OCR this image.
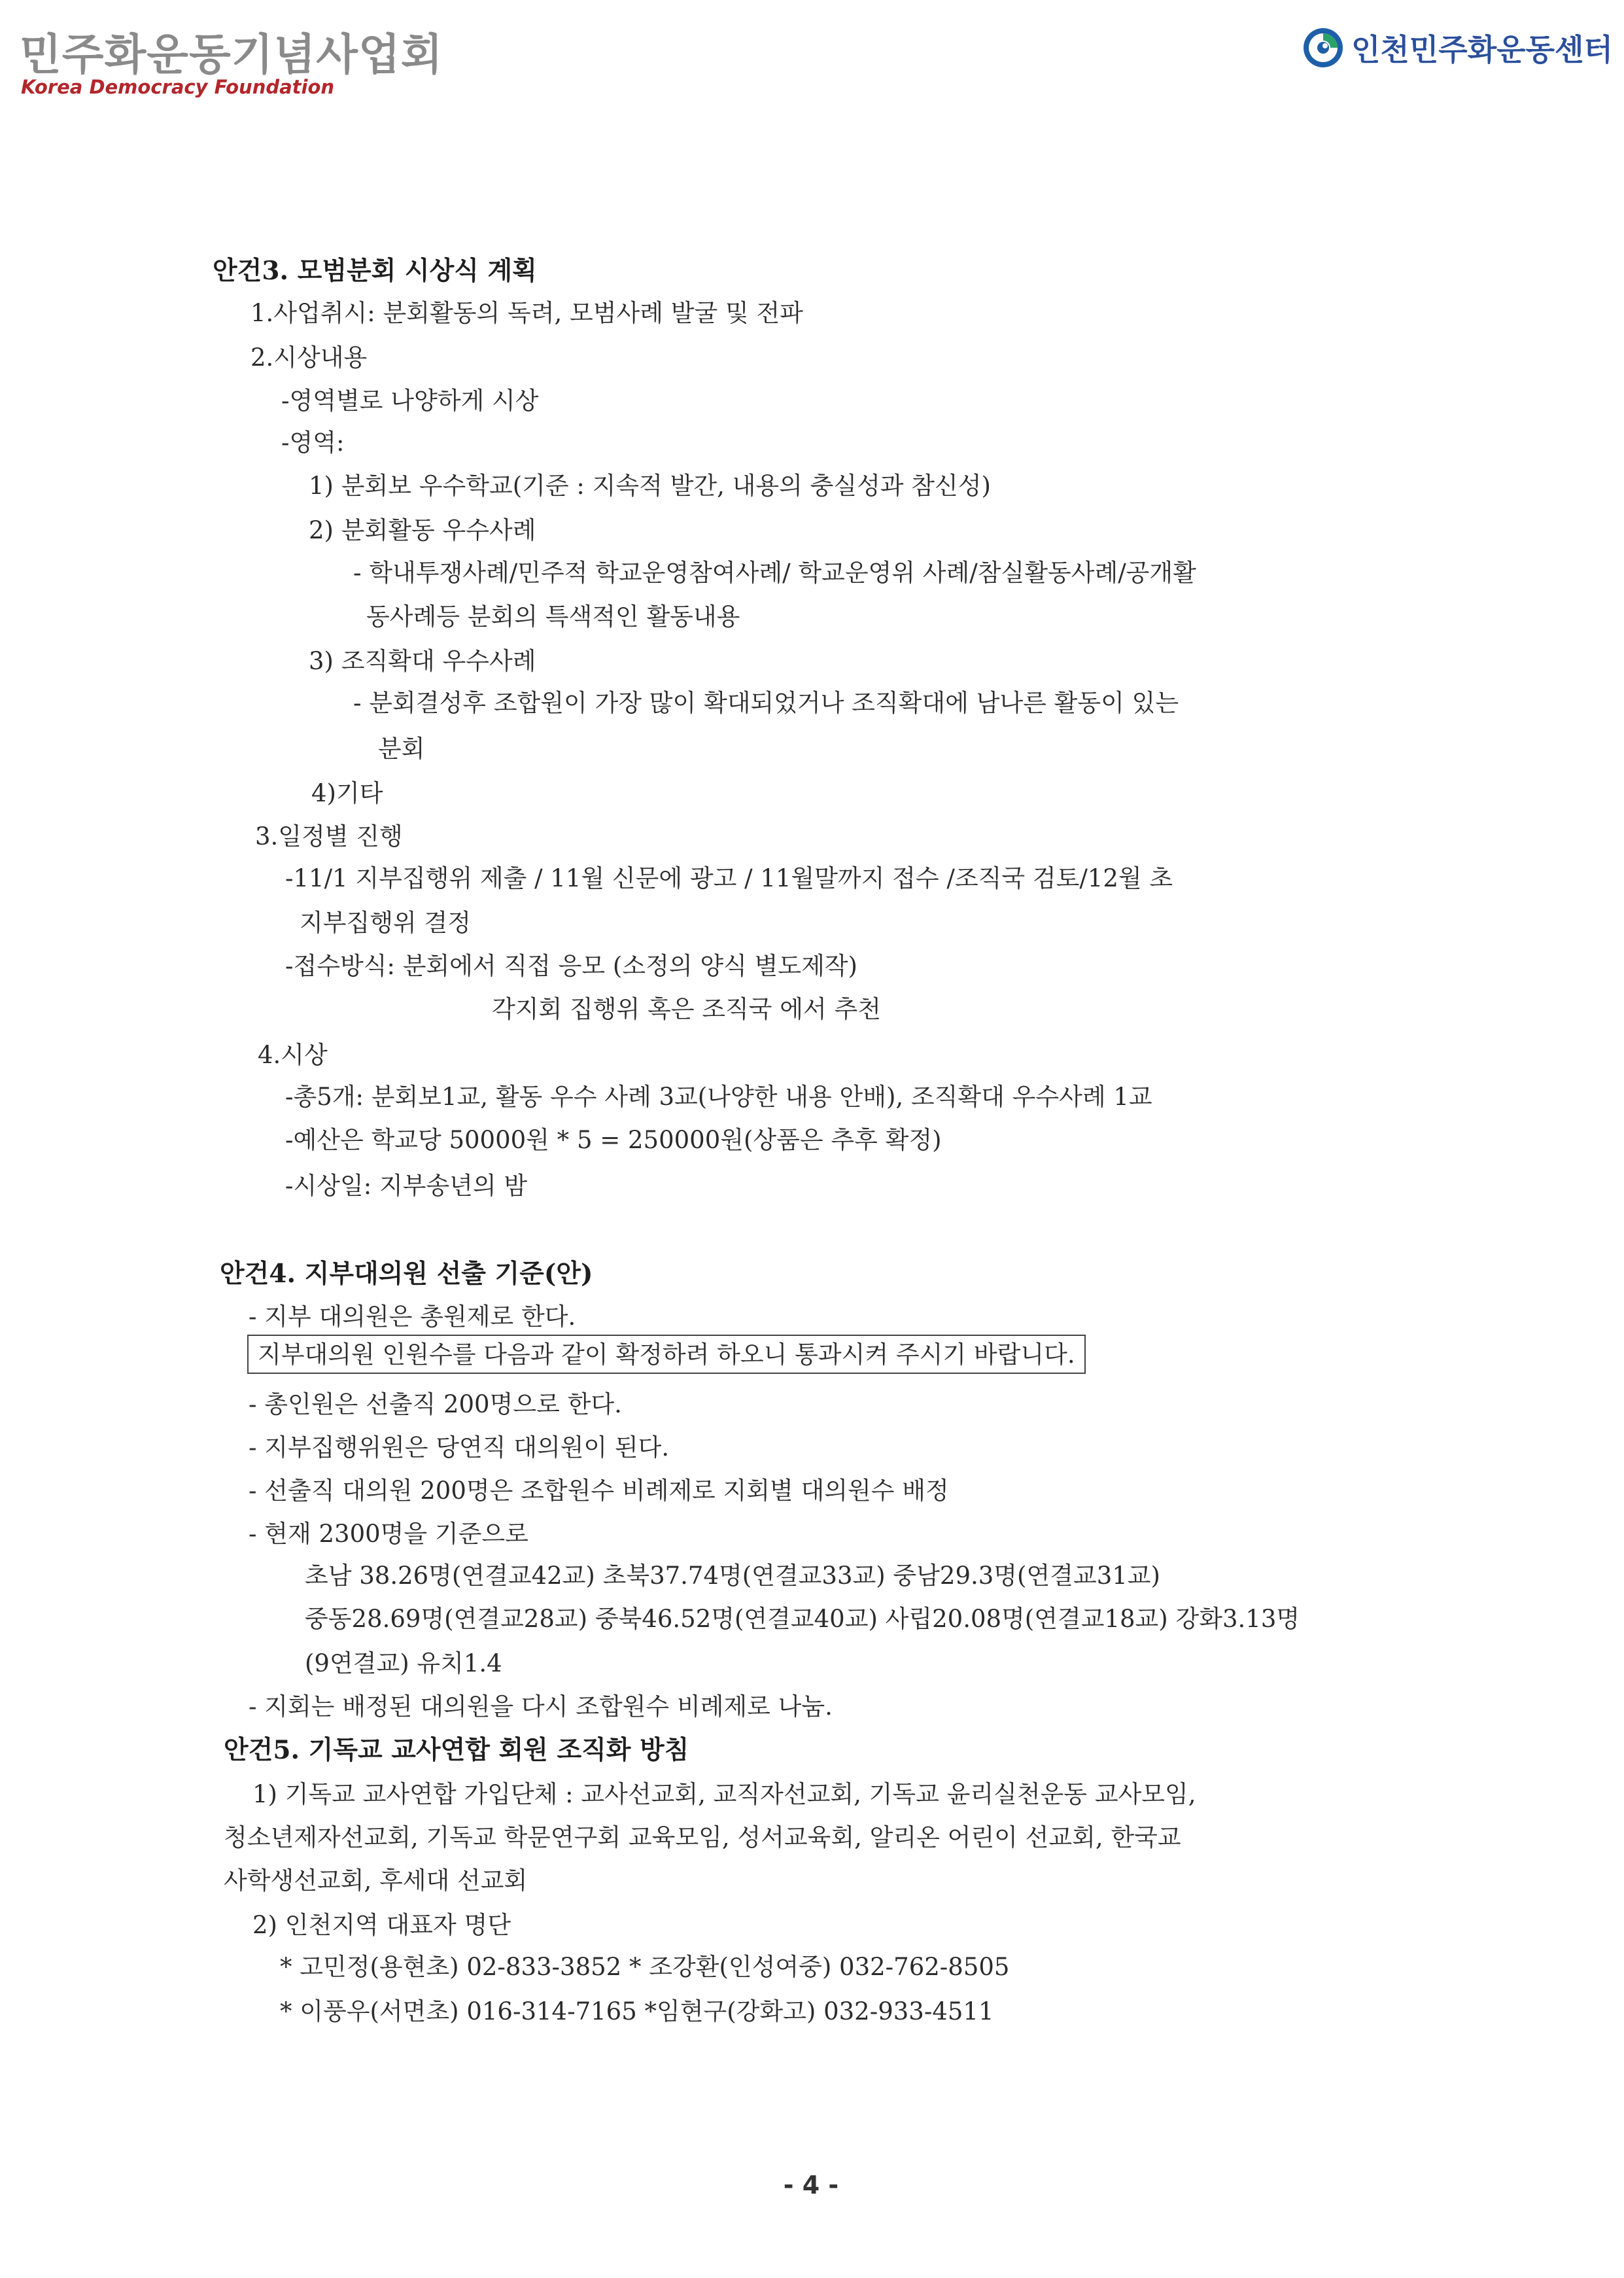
민주화운동기념사업회
Korea Democracy Foundation
인천민주화운동센터
안건3. 모범분회 시상식 계획
1.사업취시: 분회활동의 독려, 모범사례 발굴 및 전파
2.시상내용
-영역별로 나양하게 시상
-영역:
1) 분회보 우수학교(기준 : 지속적 발간, 내용의 충실성과 참신성)
2) 분회활동 우수사례
- 학내투쟁사례/민주적 학교운영참여사례/ 학교운영위 사례/참실활동사례/공개활
동사례등 분회의 특색적인 활동내용
3) 조직확대 우수사례
- 분회결성후 조합원이 가장 많이 확대되었거나 조직확대에 남나른 활동이 있는
분회
4)기타
3.일정별 진행
-11/1 지부집행위 제출 / 11월 신문에 광고 / 11월말까지 접수 /조직국 검토/12월 초
지부집행위 결정
-접수방식: 분회에서 직접 응모 (소정의 양식 별도제작)
각지회 집행위 혹은 조직국 에서 추천
4.시상
-총5개: 분회보1교, 활동 우수 사례 3교(나양한 내용 안배), 조직확대 우수사례 1교
-예산은 학교당 50000원 * 5 = 250000원(상품은 추후 확정)
-시상일: 지부송년의 밤
안건4. 지부대의원 선출 기준(안)
- 지부 대의원은 총원제로 한다.
지부대의원 인원수를 다음과 같이 확정하려 하오니 통과시켜 주시기 바랍니다.
- 총인원은 선출직 200명으로 한다.
- 지부집행위원은 당연직 대의원이 된다.
- 선출직 대의원 200명은 조합원수 비례제로 지회별 대의원수 배정
- 현재 2300명을 기준으로
초남 38.26명(연결교42교) 초북37.74명(연결교33교) 중남29.3명(연결교31교)
중동28.69명(연결교28교) 중북46.52명(연결교40교) 사립20.08명(연결교18교) 강화3.13명
(9연결교) 유치1.4
- 지회는 배정된 대의원을 다시 조합원수 비례제로 나눔.
안건5. 기독교 교사연합 회원 조직화 방침
1) 기독교 교사연합 가입단체 : 교사선교회, 교직자선교회, 기독교 윤리실천운동 교사모임,
청소년제자선교회, 기독교 학문연구회 교육모임, 성서교육회, 알리온 어린이 선교회, 한국교
사학생선교회, 후세대 선교회
2) 인천지역 대표자 명단
* 고민정(용현초) 02-833-3852 * 조강환(인성여중) 032-762-8505
* 이풍우(서면초) 016-314-7165 *임현구(강화고) 032-933-4511
- 4 -
